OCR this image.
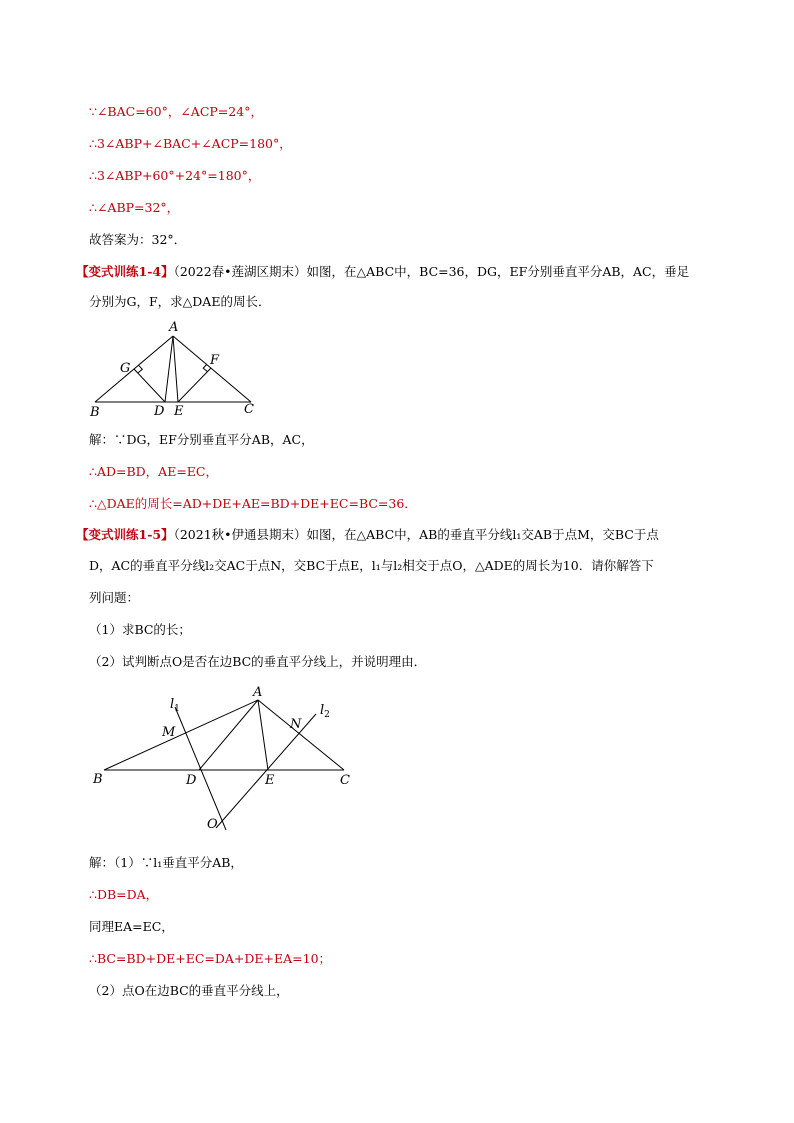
∵∠BAC=60°，∠ACP=24°，
∴3∠ABP+∠BAC+∠ACP=180°，
∴3∠ABP+60°+24°=180°，
∴∠ABP=32°，
故答案为：32°．
【变式训练1-4】（2022春•莲湖区期末）如图，在△ABC中，BC=36，DG，EF分别垂直平分AB，AC，垂足
分别为G，F，求△DAE的周长．
A
B	C
D E
F
G
解：∵DG，EF分别垂直平分AB，AC，
∴AD=BD，AE=EC，
∴△DAE的周长=AD+DE+AE=BD+DE+EC=BC=36．
【变式训练1-5】（2021秋•伊通县期末）如图，在△ABC中，AB的垂直平分线l₁交AB于点M，交BC于点
D，AC的垂直平分线l₂交AC于点N，交BC于点E，l₁与l₂相交于点O，△ADE的周长为10．请你解答下
列问题：
（1）求BC的长；
（2）试判断点O是否在边BC的垂直平分线上，并说明理由．
$l_1$	$l_2$
A
B	C
D	E
M
N
O
解：（1）∵l₁垂直平分AB，
∴DB=DA，
同理EA=EC，
∴BC=BD+DE+EC=DA+DE+EA=10；
（2）点O在边BC的垂直平分线上，
